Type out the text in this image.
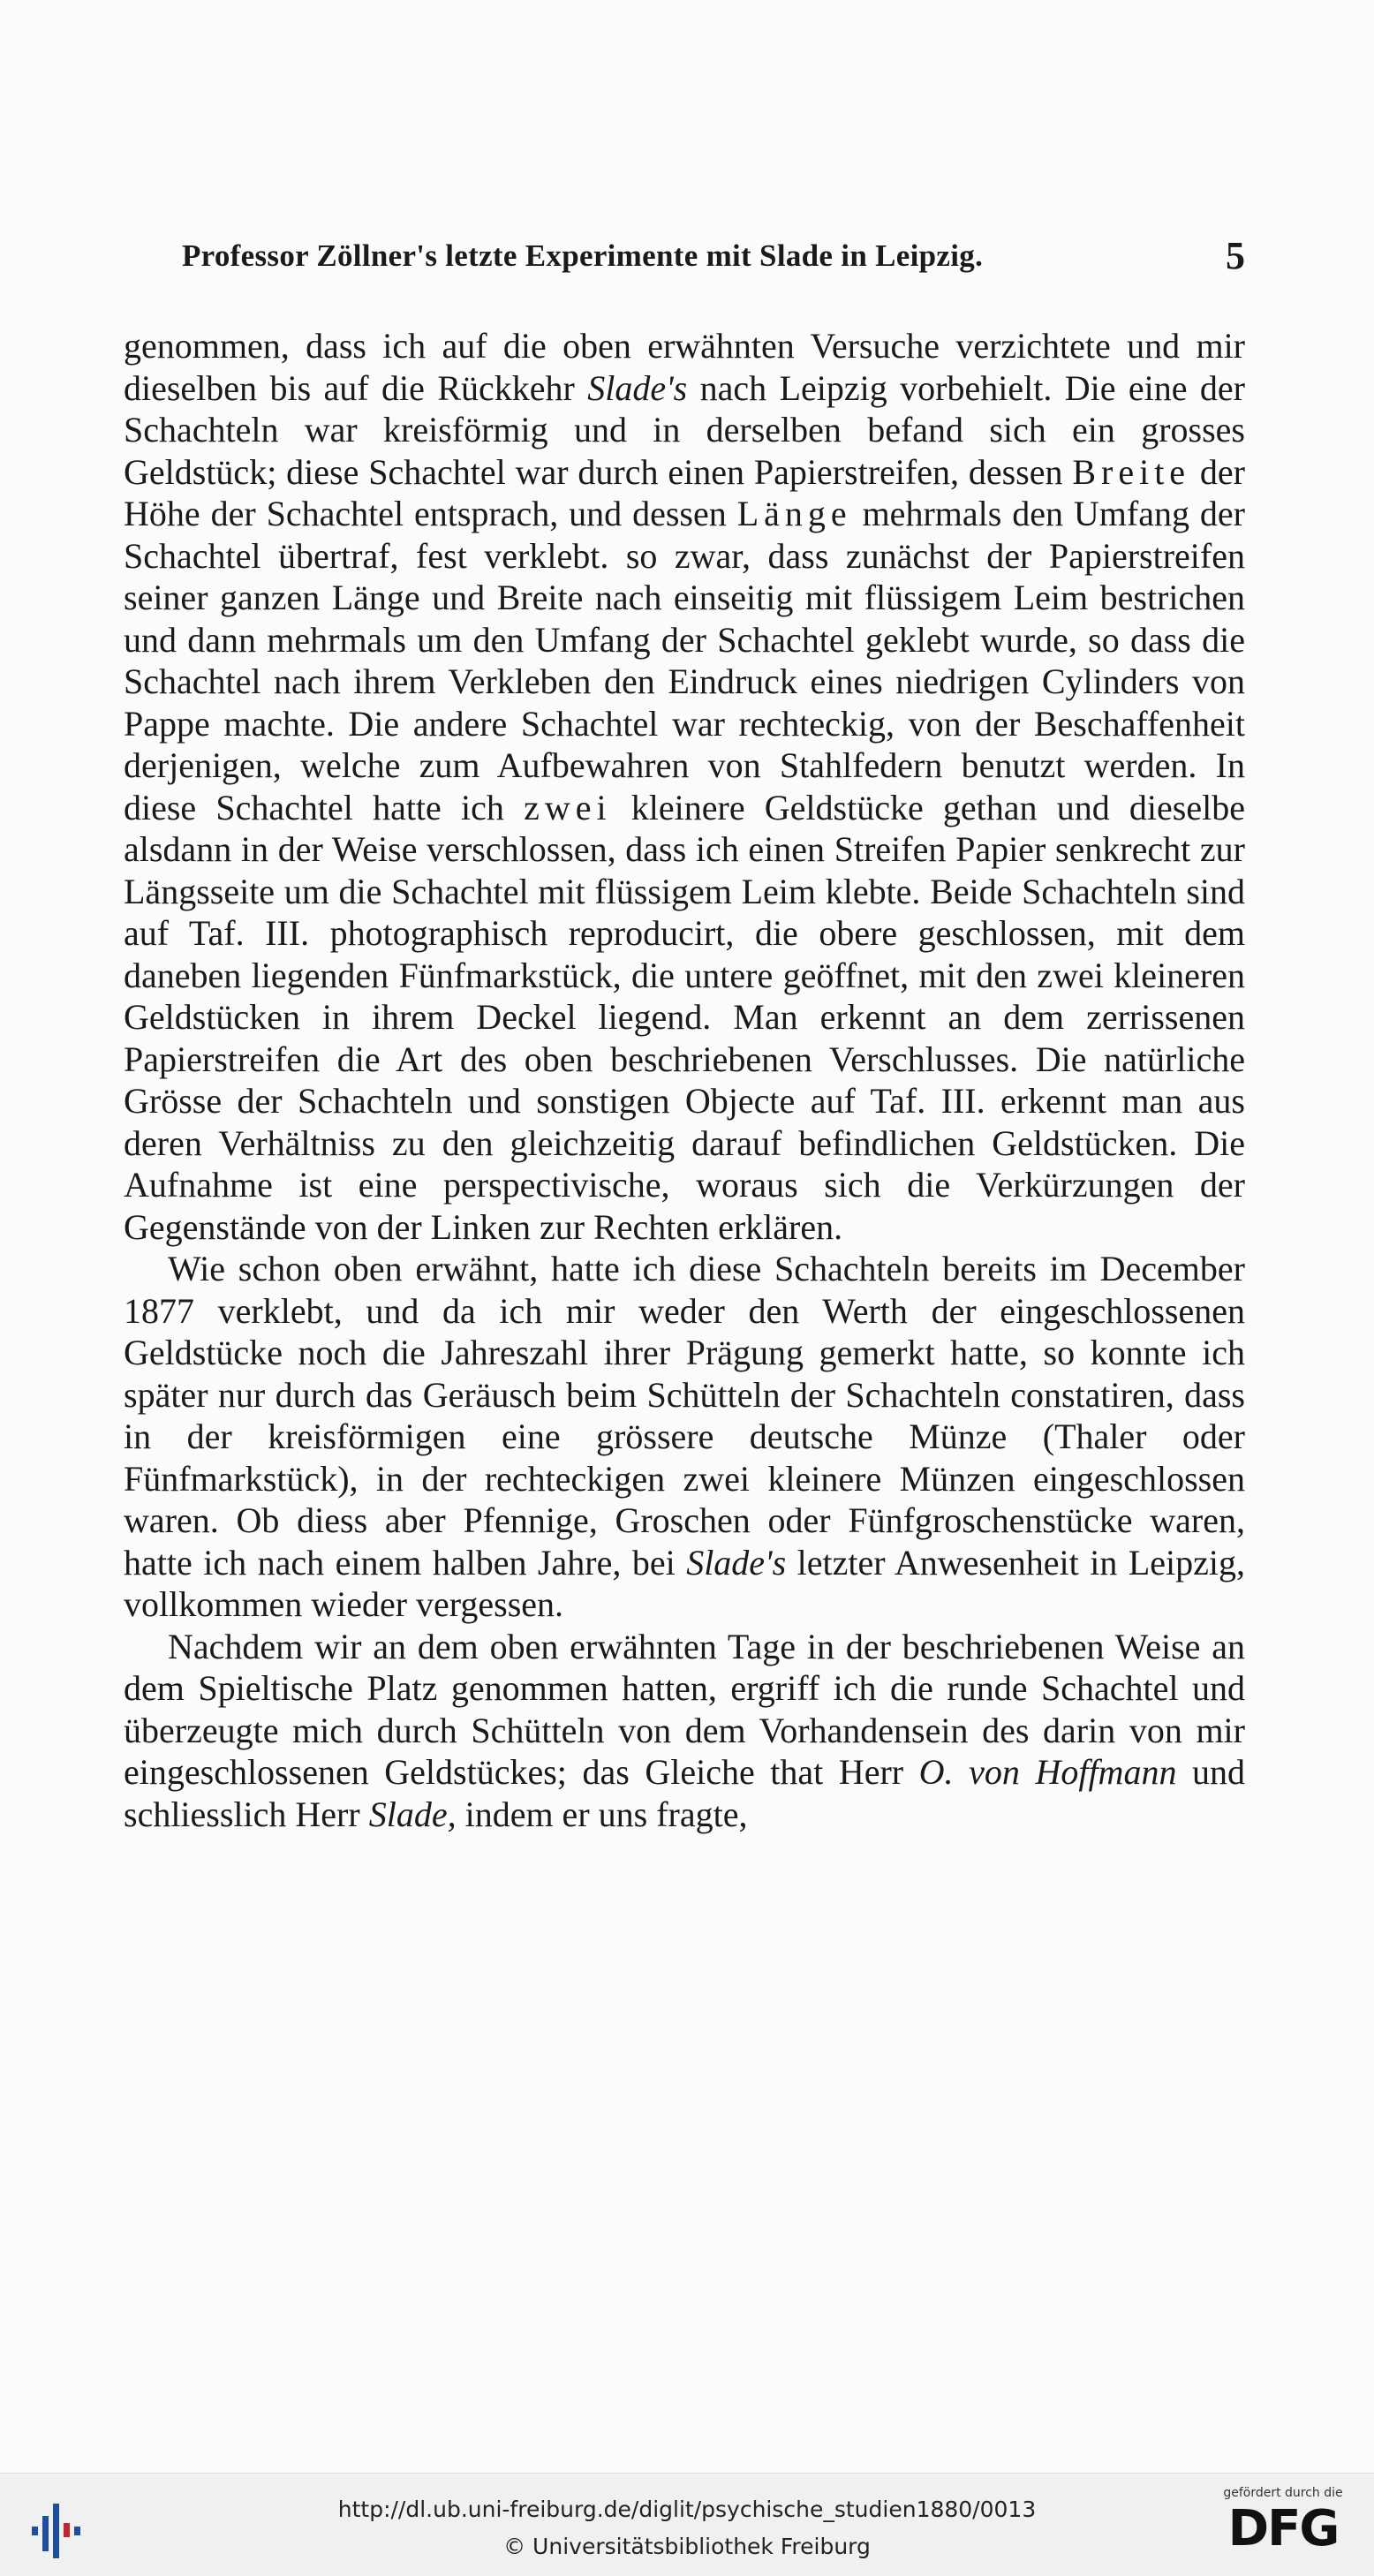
Professor Zöllner's letzte Experimente mit Slade in Leipzig.	5

genommen, dass ich auf die oben erwähnten Versuche verzichtete und mir dieselben bis auf die Rückkehr Slade's nach Leipzig vorbehielt. Die eine der Schachteln war kreisförmig und in derselben befand sich ein grosses Geldstück; diese Schachtel war durch einen Papierstreifen, dessen Breite der Höhe der Schachtel entsprach, und dessen Länge mehrmals den Umfang der Schachtel übertraf, fest verklebt. so zwar, dass zunächst der Papierstreifen seiner ganzen Länge und Breite nach einseitig mit flüssigem Leim bestrichen und dann mehrmals um den Umfang der Schachtel geklebt wurde, so dass die Schachtel nach ihrem Verkleben den Eindruck eines niedrigen Cylinders von Pappe machte. Die andere Schachtel war rechteckig, von der Beschaffenheit derjenigen, welche zum Aufbewahren von Stahlfedern benutzt werden. In diese Schachtel hatte ich zwei kleinere Geldstücke gethan und dieselbe alsdann in der Weise verschlossen, dass ich einen Streifen Papier senkrecht zur Längsseite um die Schachtel mit flüssigem Leim klebte. Beide Schachteln sind auf Taf. III. photographisch reproducirt, die obere geschlossen, mit dem daneben liegenden Fünfmarkstück, die untere geöffnet, mit den zwei kleineren Geldstücken in ihrem Deckel liegend. Man erkennt an dem zerrissenen Papierstreifen die Art des oben beschriebenen Verschlusses. Die natürliche Grösse der Schachteln und sonstigen Objecte auf Taf. III. erkennt man aus deren Verhältniss zu den gleichzeitig darauf befindlichen Geldstücken. Die Aufnahme ist eine perspectivische, woraus sich die Verkürzungen der Gegenstände von der Linken zur Rechten erklären.

Wie schon oben erwähnt, hatte ich diese Schachteln bereits im December 1877 verklebt, und da ich mir weder den Werth der eingeschlossenen Geldstücke noch die Jahreszahl ihrer Prägung gemerkt hatte, so konnte ich später nur durch das Geräusch beim Schütteln der Schachteln constatiren, dass in der kreisförmigen eine grössere deutsche Münze (Thaler oder Fünfmarkstück), in der rechteckigen zwei kleinere Münzen eingeschlossen waren. Ob diess aber Pfennige, Groschen oder Fünfgroschenstücke waren, hatte ich nach einem halben Jahre, bei Slade's letzter Anwesenheit in Leipzig, vollkommen wieder vergessen.

Nachdem wir an dem oben erwähnten Tage in der beschriebenen Weise an dem Spieltische Platz genommen hatten, ergriff ich die runde Schachtel und überzeugte mich durch Schütteln von dem Vorhandensein des darin von mir eingeschlossenen Geldstückes; das Gleiche that Herr O. von Hoffmann und schliesslich Herr Slade, indem er uns fragte,

http://dl.ub.uni-freiburg.de/diglit/psychische_studien1880/0013
© Universitätsbibliothek Freiburg
gefördert durch die
DFG
